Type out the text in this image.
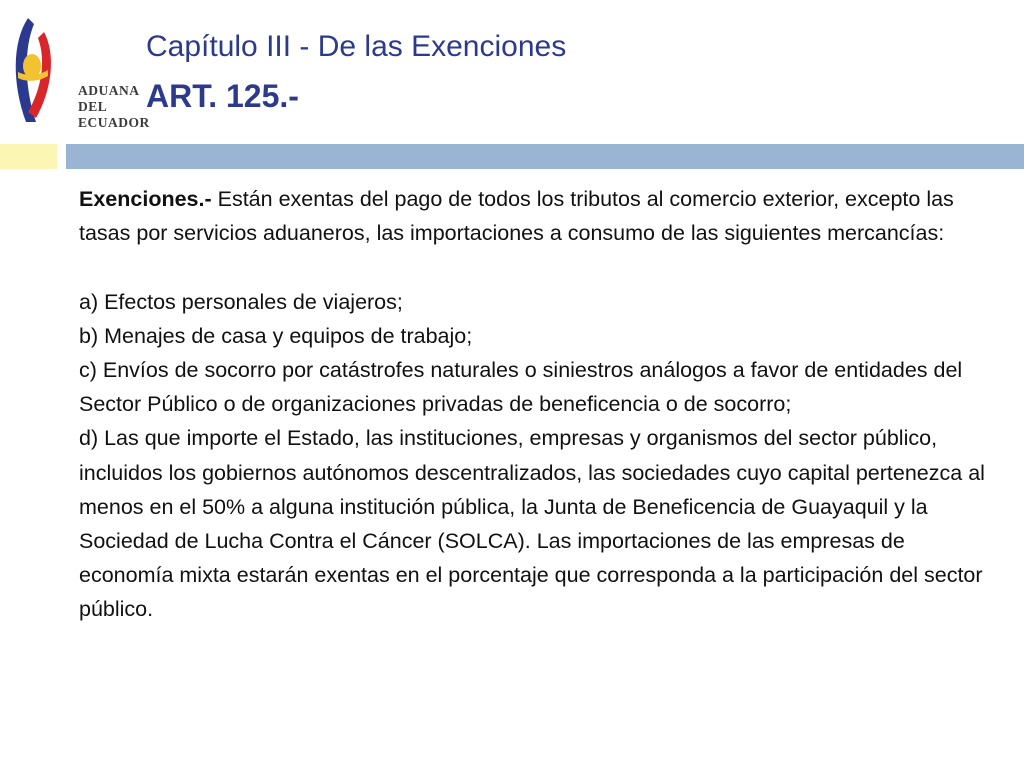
ADUANA
DEL
ECUADOR
Capítulo III - De las Exenciones
ART. 125.-

Exenciones.- Están exentas del pago de todos los tributos al comercio exterior, excepto las tasas por servicios aduaneros, las importaciones a consumo de las siguientes mercancías:

a) Efectos personales de viajeros;

b) Menajes de casa y equipos de trabajo;

c) Envíos de socorro por catástrofes naturales o siniestros análogos a favor de entidades del Sector Público o de organizaciones privadas de beneficencia o de socorro;

d) Las que importe el Estado, las instituciones, empresas y organismos del sector público, incluidos los gobiernos autónomos descentralizados, las sociedades cuyo capital pertenezca al menos en el 50% a alguna institución pública, la Junta de Beneficencia de Guayaquil y la Sociedad de Lucha Contra el Cáncer (SOLCA). Las importaciones de las empresas de economía mixta estarán exentas en el porcentaje que corresponda a la participación del sector público.
